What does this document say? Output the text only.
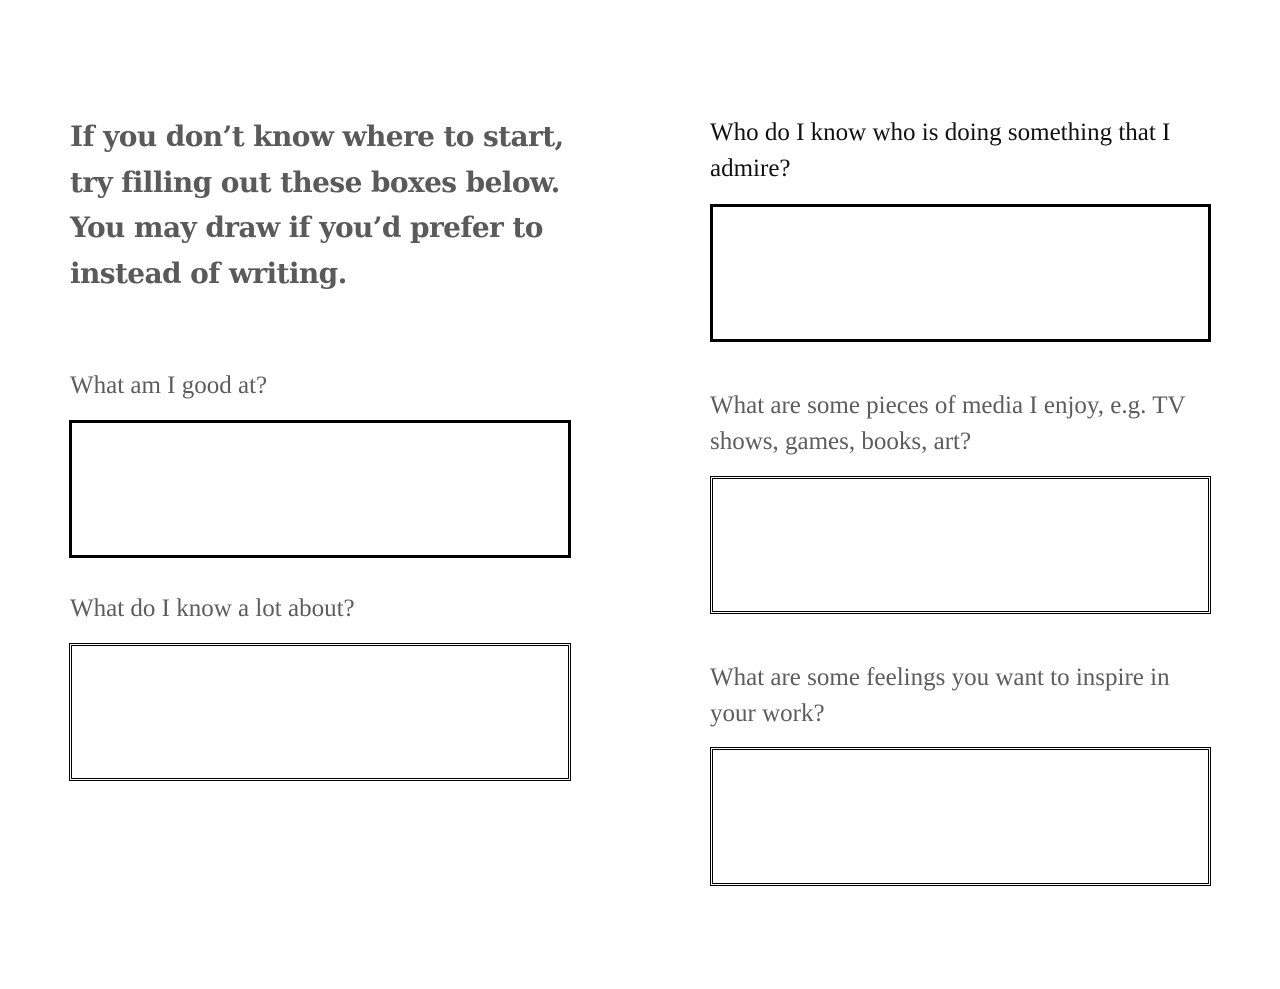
If you don’t know where to start, try filling out these boxes below. You may draw if you’d prefer to instead of writing.

What am I good at?

What do I know a lot about?

Who do I know who is doing something that I admire?

What are some pieces of media I enjoy, e.g. TV shows, games, books, art?

What are some feelings you want to inspire in your work?
